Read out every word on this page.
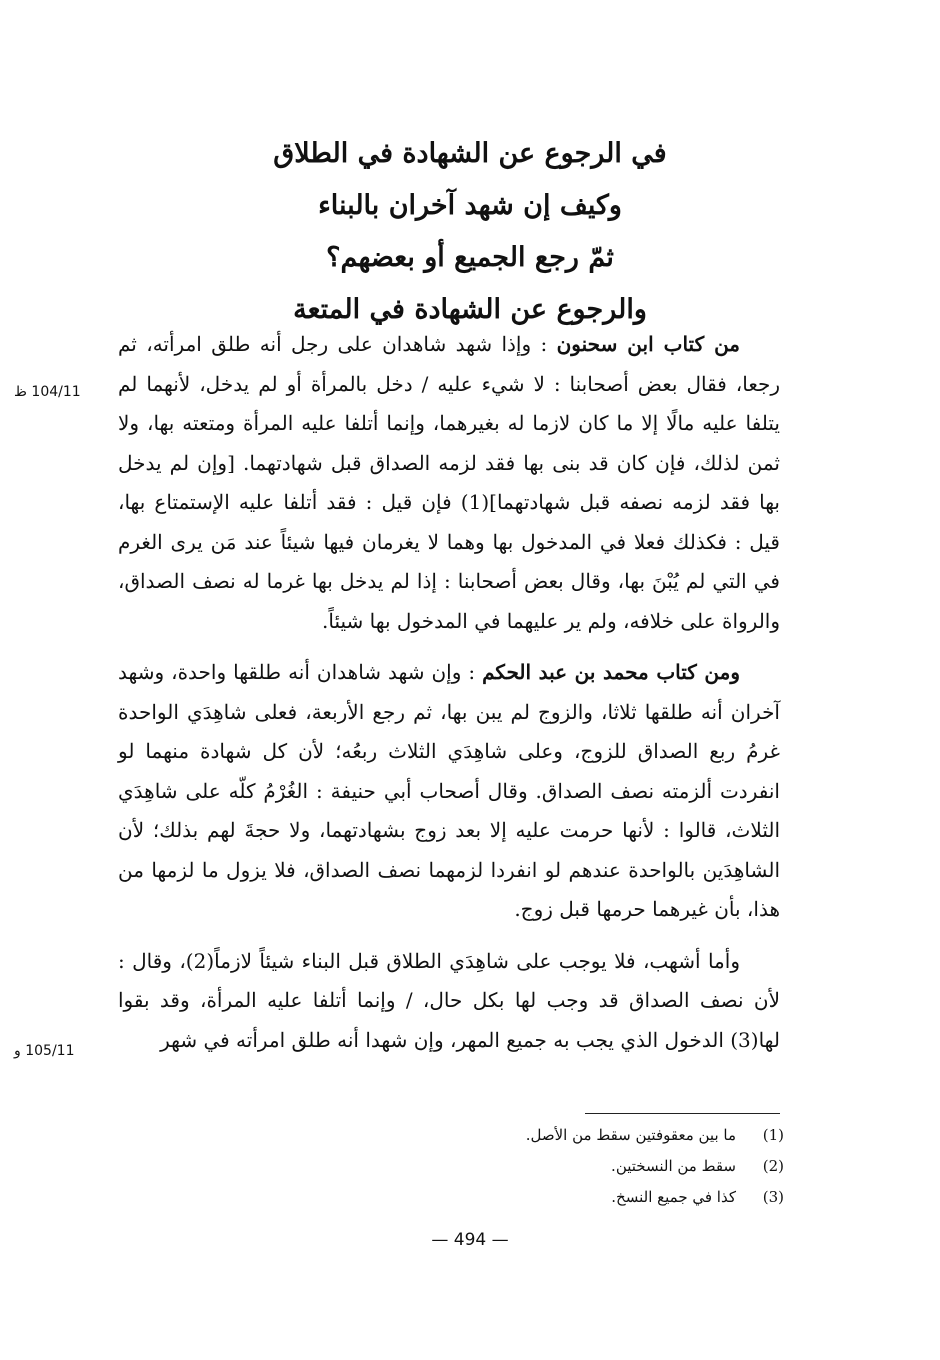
في الرجوع عن الشهادة في الطلاق
وكيف إن شهد آخران بالبناء
ثمّ رجع الجميع أو بعضهم؟
والرجوع عن الشهادة في المتعة
104/11 ظ
105/11 و

من كتاب ابن سحنون : وإذا شهد شاهدان على رجل أنه طلق امرأته، ثم رجعا، فقال بعض أصحابنا : لا شيء عليه / دخل بالمرأة أو لم يدخل، لأنهما لم يتلفا عليه مالًا إلا ما كان لازما له بغيرهما، وإنما أتلفا عليه المرأة ومتعته بها، ولا ثمن لذلك، فإن كان قد بنى بها فقد لزمه الصداق قبل شهادتهما. [وإن لم يدخل بها فقد لزمه نصفه قبل شهادتهما](1) فإن قيل : فقد أتلفا عليه الإستمتاع بها، قيل : فكذلك فعلا في المدخول بها وهما لا يغرمان فيها شيئاً عند مَن يرى الغرم في التي لم يُبْنَ بها، وقال بعض أصحابنا : إذا لم يدخل بها غرما له نصف الصداق، والرواة على خلافه، ولم ير عليهما في المدخول بها شيئاً.

ومن كتاب محمد بن عبد الحكم : وإن شهد شاهدان أنه طلقها واحدة، وشهد آخران أنه طلقها ثلاثا، والزوج لم يبن بها، ثم رجع الأربعة، فعلى شاهِدَي الواحدة غرمُ ربع الصداق للزوج، وعلى شاهِدَي الثلاث ربعُه؛ لأن كل شهادة منهما لو انفردت ألزمته نصف الصداق. وقال أصحاب أبي حنيفة : الغُرْمُ كلّه على شاهِدَي الثلاث، قالوا : لأنها حرمت عليه إلا بعد زوج بشهادتهما، ولا حجةَ لهم بذلك؛ لأن الشاهِدَين بالواحدة عندهم لو انفردا لزمهما نصف الصداق، فلا يزول ما لزمها من هذا، بأن غيرهما حرمها قبل زوج.

وأما أشهب، فلا يوجب على شاهِدَي الطلاق قبل البناء شيئاً لازماً(2)، وقال : لأن نصف الصداق قد وجب لها بكل حال، / وإنما أتلفا عليه المرأة، وقد بقوا لها(3) الدخول الذي يجب به جميع المهر، وإن شهدا أنه طلق امرأته في شهر

(1)
ما بين معقوفتين سقط من الأصل.
(2)
سقط من النسختين.
(3)
كذا في جميع النسخ.
— 494 —
